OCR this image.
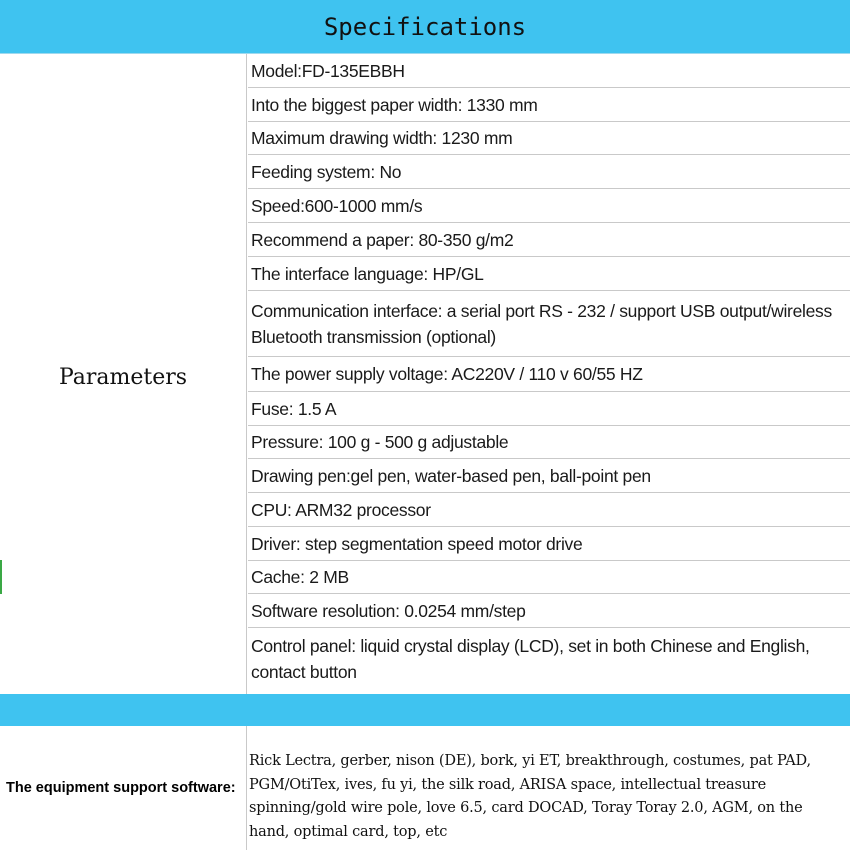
Specifications
Parameters
Model:FD-135EBBH
Into the biggest paper width: 1330 mm
Maximum drawing width: 1230 mm
Feeding system: No
Speed:600-1000 mm/s
Recommend a paper: 80-350 g/m2
The interface language: HP/GL
Communication interface: a serial port RS - 232 / support USB output/wireless Bluetooth transmission (optional)
The power supply voltage: AC220V / 110 v 60/55 HZ
Fuse: 1.5 A
Pressure: 100 g - 500 g adjustable
Drawing pen:gel pen, water-based pen, ball-point pen
CPU: ARM32 processor
Driver: step segmentation speed motor drive
Cache: 2 MB
Software resolution: 0.0254 mm/step
Control panel: liquid crystal display (LCD), set in both Chinese and English, contact button
The equipment support software:
Rick Lectra, gerber, nison (DE), bork, yi ET, breakthrough, costumes, pat PAD, PGM/OtiTex, ives, fu yi, the silk road, ARISA space, intellectual treasure spinning/gold wire pole, love 6.5, card DOCAD, Toray Toray 2.0, AGM, on the hand, optimal card, top, etc
